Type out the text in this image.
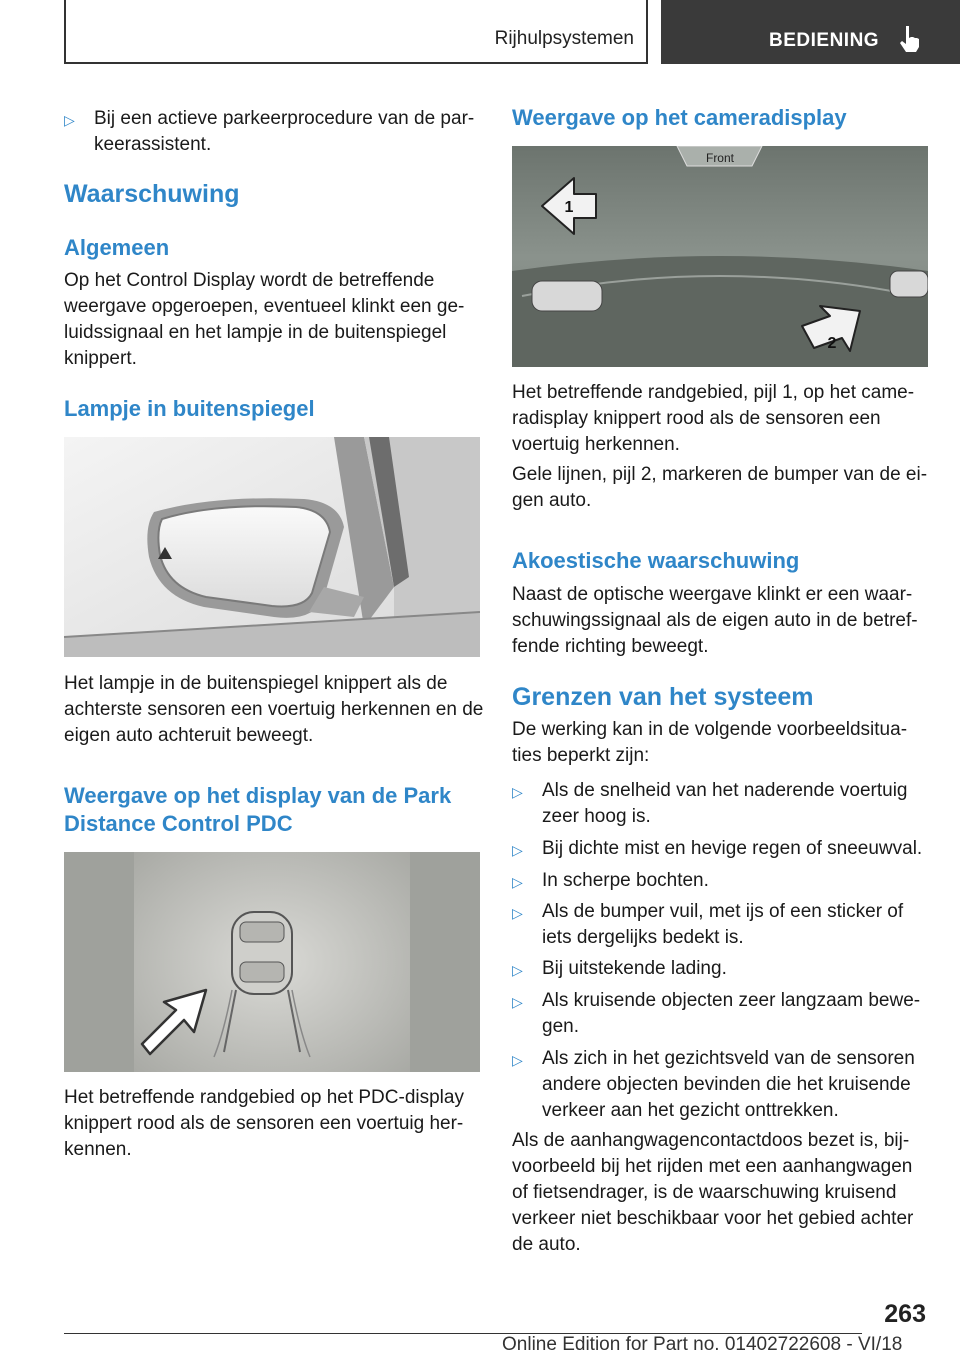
Rijhulpsystemen	BEDIENING
▷	Bij een actieve parkeerprocedure van de par‐keerassistent.
Waarschuwing
Algemeen

Op het Control Display wordt de betreffende weergave opgeroepen, eventueel klinkt een ge‐luidssignaal en het lampje in de buitenspiegel knippert.

Lampje in buitenspiegel

Het lampje in de buitenspiegel knippert als de achterste sensoren een voertuig herkennen en de eigen auto achteruit beweegt.

Weergave op het display van de Park Distance Control PDC

Het betreffende randgebied op het PDC-display knippert rood als de sensoren een voertuig her‐kennen.

Weergave op het cameradisplay
Front
1
2

Het betreffende randgebied, pijl 1, op het came‐radisplay knippert rood als de sensoren een voertuig herkennen.

Gele lijnen, pijl 2, markeren de bumper van de ei‐gen auto.

Akoestische waarschuwing

Naast de optische weergave klinkt er een waar‐schuwingssignaal als de eigen auto in de betref‐fende richting beweegt.

Grenzen van het systeem

De werking kan in de volgende voorbeeldsitua‐ties beperkt zijn:

▷	Als de snelheid van het naderende voertuig zeer hoog is.
▷	Bij dichte mist en hevige regen of sneeuwval.
▷	In scherpe bochten.
▷	Als de bumper vuil, met ijs of een sticker of iets dergelijks bedekt is.
▷	Bij uitstekende lading.
▷	Als kruisende objecten zeer langzaam bewe‐gen.
▷	Als zich in het gezichtsveld van de sensoren andere objecten bevinden die het kruisende verkeer aan het gezicht onttrekken.

Als de aanhangwagencontactdoos bezet is, bij‐voorbeeld bij het rijden met een aanhangwagen of fietsendrager, is de waarschuwing kruisend verkeer niet beschikbaar voor het gebied achter de auto.

263
Online Edition for Part no. 01402722608 - VI/18
